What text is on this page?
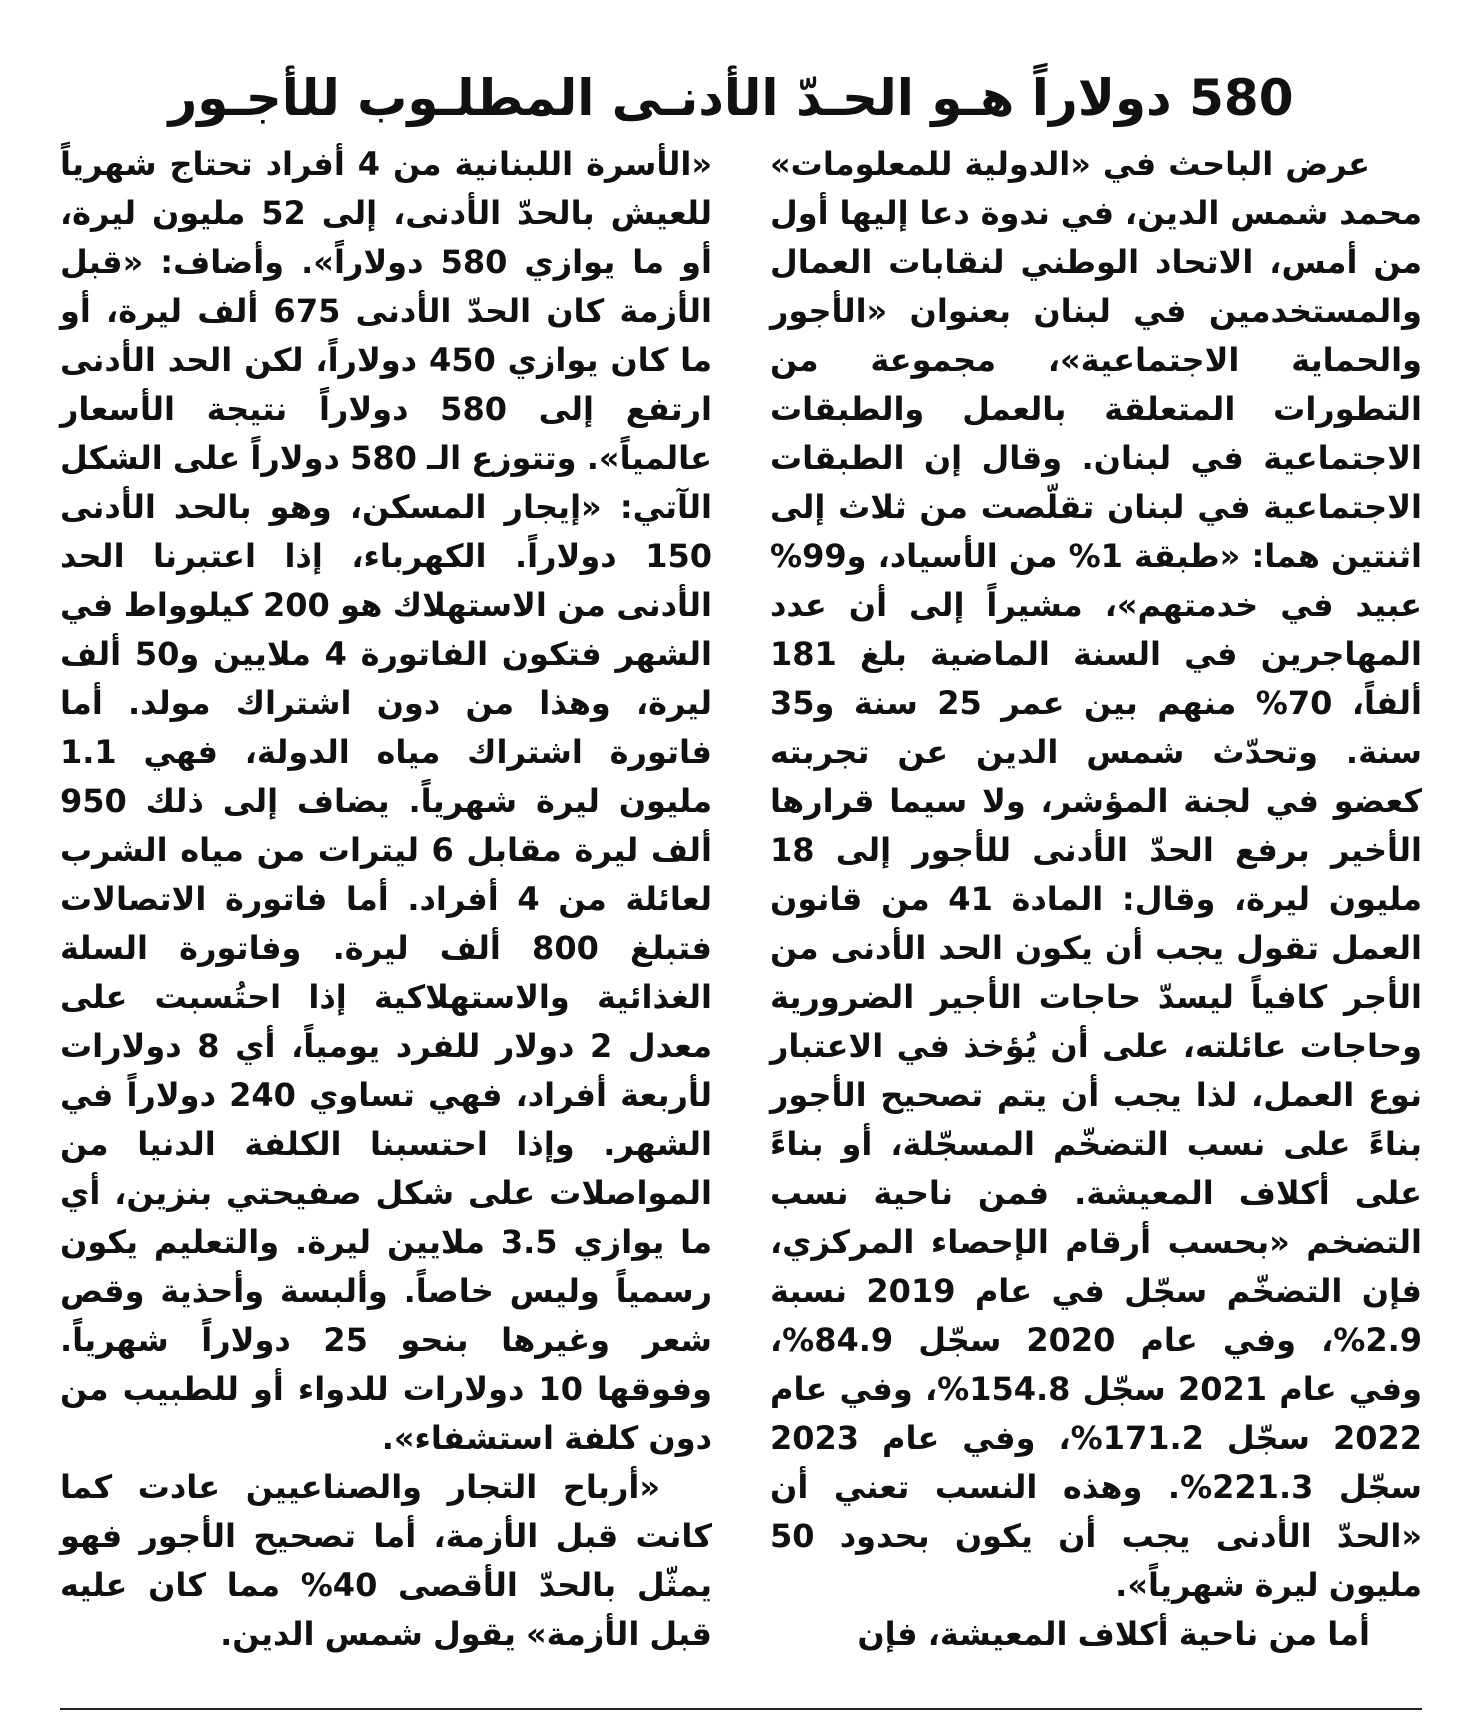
580 دولاراً هـو الحـدّ الأدنـى المطلـوب للأجـور

عرض الباحث في «الدولية للمعلومات» محمد شمس الدين، في ندوة دعا إليها أول من أمس، الاتحاد الوطني لنقابات العمال والمستخدمين في لبنان بعنوان «الأجور والحماية الاجتماعية»، مجموعة من التطورات المتعلقة بالعمل والطبقات الاجتماعية في لبنان. وقال إن الطبقات الاجتماعية في لبنان تقلّصت من ثلاث إلى اثنتين هما: «طبقة 1% من الأسياد، و99% عبيد في خدمتهم»، مشيراً إلى أن عدد المهاجرين في السنة الماضية بلغ 181 ألفاً، 70% منهم بين عمر 25 سنة و35 سنة. وتحدّث شمس الدين عن تجربته كعضو في لجنة المؤشر، ولا سيما قرارها الأخير برفع الحدّ الأدنى للأجور إلى 18 مليون ليرة، وقال: المادة 41 من قانون العمل تقول يجب أن يكون الحد الأدنى من الأجر كافياً ليسدّ حاجات الأجير الضرورية وحاجات عائلته، على أن يُؤخذ في الاعتبار نوع العمل، لذا يجب أن يتم تصحيح الأجور بناءً على نسب التضخّم المسجّلة، أو بناءً على أكلاف المعيشة. فمن ناحية نسب التضخم «بحسب أرقام الإحصاء المركزي، فإن التضخّم سجّل في عام 2019 نسبة 2.9%، وفي عام 2020 سجّل 84.9%، وفي عام 2021 سجّل 154.8%، وفي عام 2022 سجّل 171.2%، وفي عام 2023 سجّل 221.3%. وهذه النسب تعني أن «الحدّ الأدنى يجب أن يكون بحدود 50 مليون ليرة شهرياً».

أما من ناحية أكلاف المعيشة، فإن

«الأسرة اللبنانية من 4 أفراد تحتاج شهرياً للعيش بالحدّ الأدنى، إلى 52 مليون ليرة، أو ما يوازي 580 دولاراً». وأضاف: «قبل الأزمة كان الحدّ الأدنى 675 ألف ليرة، أو ما كان يوازي 450 دولاراً، لكن الحد الأدنى ارتفع إلى 580 دولاراً نتيجة الأسعار عالمياً». وتتوزع الـ 580 دولاراً على الشكل الآتي: «إيجار المسكن، وهو بالحد الأدنى 150 دولاراً. الكهرباء، إذا اعتبرنا الحد الأدنى من الاستهلاك هو 200 كيلوواط في الشهر فتكون الفاتورة 4 ملايين و50 ألف ليرة، وهذا من دون اشتراك مولد. أما فاتورة اشتراك مياه الدولة، فهي 1.1 مليون ليرة شهرياً. يضاف إلى ذلك 950 ألف ليرة مقابل 6 ليترات من مياه الشرب لعائلة من 4 أفراد. أما فاتورة الاتصالات فتبلغ 800 ألف ليرة. وفاتورة السلة الغذائية والاستهلاكية إذا احتُسبت على معدل 2 دولار للفرد يومياً، أي 8 دولارات لأربعة أفراد، فهي تساوي 240 دولاراً في الشهر. وإذا احتسبنا الكلفة الدنيا من المواصلات على شكل صفيحتي بنزين، أي ما يوازي 3.5 ملايين ليرة. والتعليم يكون رسمياً وليس خاصاً. وألبسة وأحذية وقص شعر وغيرها بنحو 25 دولاراً شهرياً. وفوقها 10 دولارات للدواء أو للطبيب من دون كلفة استشفاء».

«أرباح التجار والصناعيين عادت كما كانت قبل الأزمة، أما تصحيح الأجور فهو يمثّل بالحدّ الأقصى 40% مما كان عليه قبل الأزمة» يقول شمس الدين.
